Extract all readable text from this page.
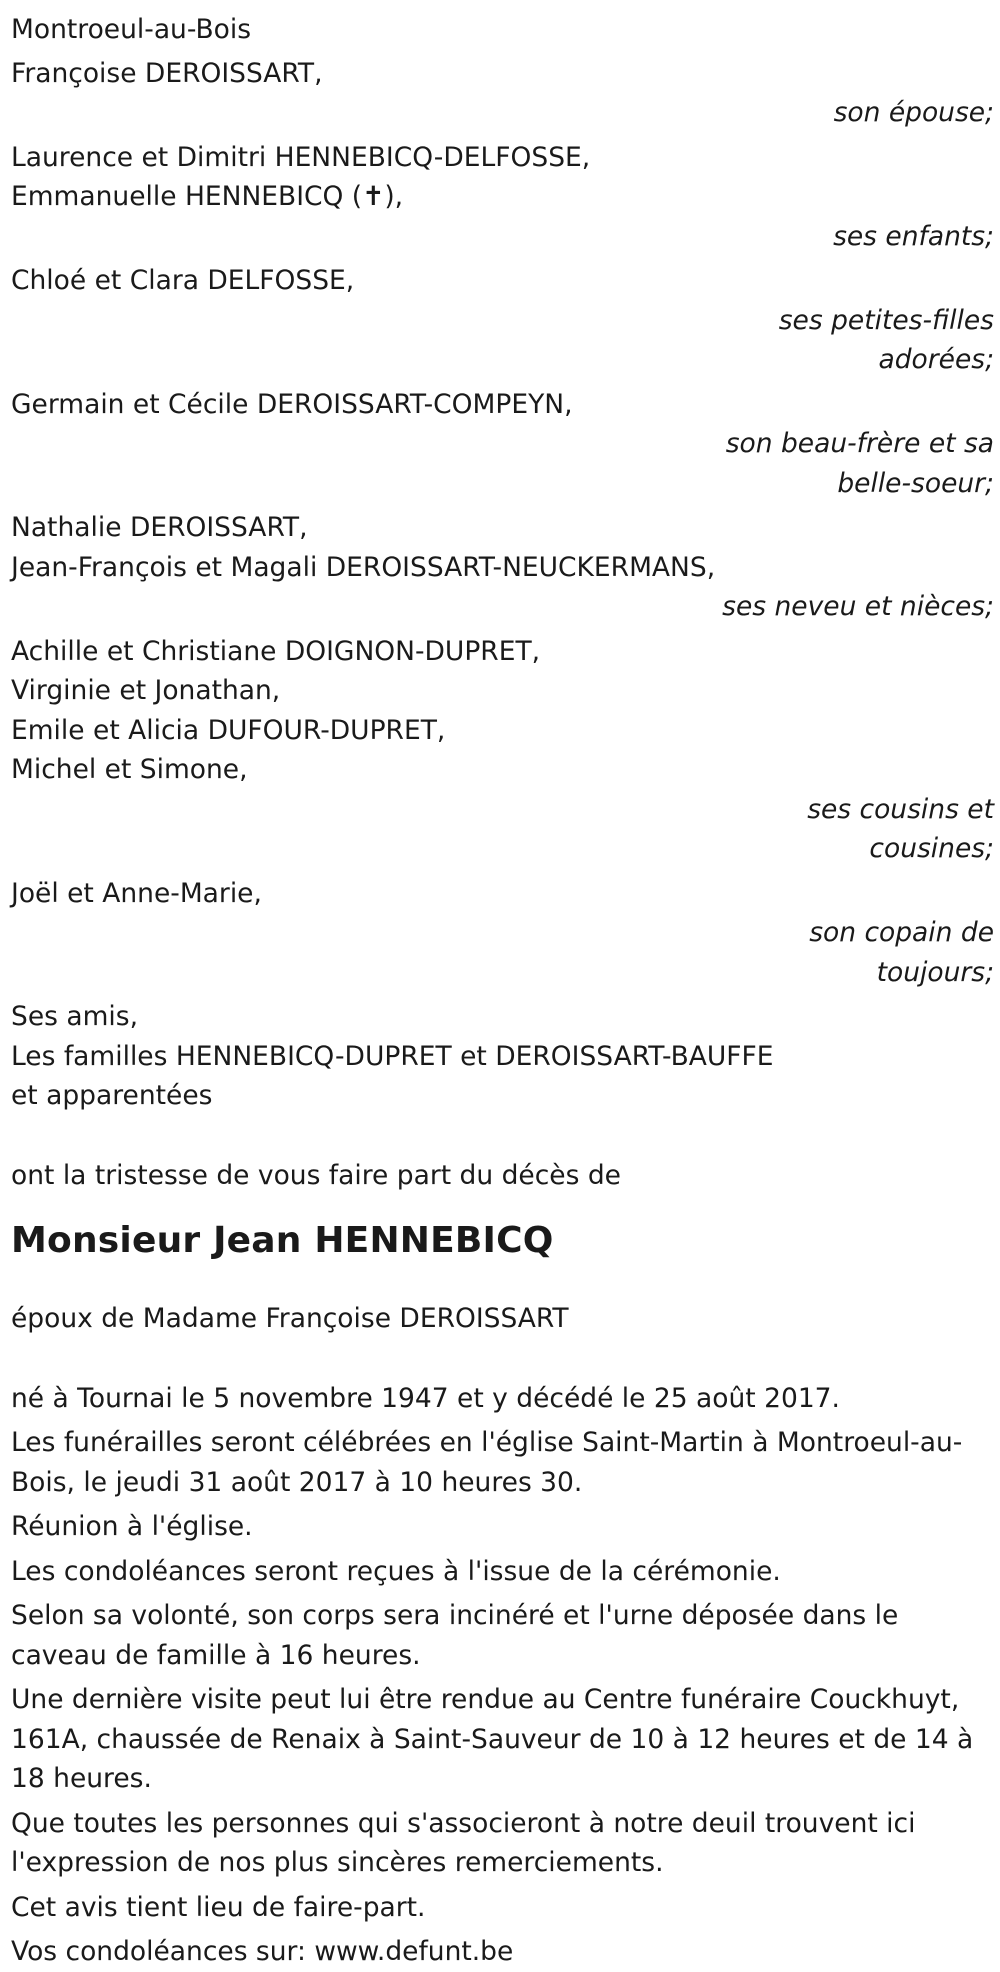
Montroeul-au-Bois
Françoise DEROISSART,
son épouse;
Laurence et Dimitri HENNEBICQ-DELFOSSE,
Emmanuelle HENNEBICQ (✝),
ses enfants;
Chloé et Clara DELFOSSE,
ses petites-filles
adorées;
Germain et Cécile DEROISSART-COMPEYN,
son beau-frère et sa
belle-soeur;
Nathalie DEROISSART,
Jean-François et Magali DEROISSART-NEUCKERMANS,
ses neveu et nièces;
Achille et Christiane DOIGNON-DUPRET,
Virginie et Jonathan,
Emile et Alicia DUFOUR-DUPRET,
Michel et Simone,
ses cousins et
cousines;
Joël et Anne-Marie,
son copain de
toujours;
Ses amis,
Les familles HENNEBICQ-DUPRET et DEROISSART-BAUFFE
et apparentées
ont la tristesse de vous faire part du décès de
Monsieur Jean HENNEBICQ
époux de Madame Françoise DEROISSART
né à Tournai le 5 novembre 1947 et y décédé le 25 août 2017.
Les funérailles seront célébrées en l'église Saint-Martin à Montroeul-au-Bois, le jeudi 31 août 2017 à 10 heures 30.
Réunion à l'église.
Les condoléances seront reçues à l'issue de la cérémonie.
Selon sa volonté, son corps sera incinéré et l'urne déposée dans le caveau de famille à 16 heures.
Une dernière visite peut lui être rendue au Centre funéraire Couckhuyt, 161A, chaussée de Renaix à Saint-Sauveur de 10 à 12 heures et de 14 à 18 heures.
Que toutes les personnes qui s'associeront à notre deuil trouvent ici l'expression de nos plus sincères remerciements.
Cet avis tient lieu de faire-part.
Vos condoléances sur: www.defunt.be
